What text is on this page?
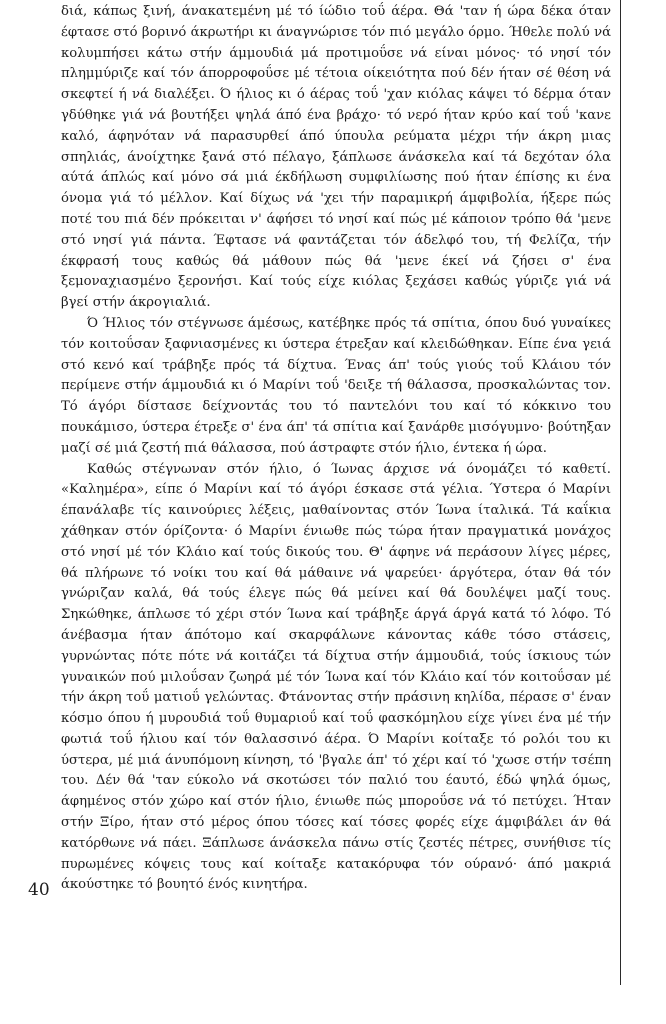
διά, κάπως ξινή, άνακατεμένη μέ τό ίώδιο τοΰ άέρα. Θά 'ταν ή ώρα δέκα όταν έφτασε στό βορινό άκρωτήρι κι άναγνώρισε τόν πιό μεγάλο όρμο. Ήθελε πολύ νά κολυμπήσει κάτω στήν άμμουδιά μά προτιμοΰσε νά είναι μόνος· τό νησί τόν πλημμύριζε καί τόν άπορροφοΰσε μέ τέτοια οίκειότητα πού δέν ήταν σέ θέση νά σκεφτεί ή νά διαλέξει. Ό ήλιος κι ό άέρας τοΰ 'χαν κιόλας κάψει τό δέρμα όταν γδύθηκε γιά νά βουτήξει ψηλά άπό ένα βράχο· τό νερό ήταν κρύο καί τοΰ 'κανε καλό, άφηνόταν νά παρασυρθεί άπό ύπουλα ρεύματα μέχρι τήν άκρη μιας σπηλιάς, άνοίχτηκε ξανά στό πέλαγο, ξάπλωσε άνάσκελα καί τά δεχόταν όλα αύτά άπλώς καί μόνο σά μιά έκδήλωση συμφιλίωσης πού ήταν έπίσης κι ένα όνομα γιά τό μέλλον. Καί δίχως νά 'χει τήν παραμικρή άμφιβολία, ήξερε πώς ποτέ του πιά δέν πρόκειται ν' άφήσει τό νησί καί πώς μέ κάποιον τρόπο θά 'μενε στό νησί γιά πάντα. Έφτασε νά φαντάζεται τόν άδελφό του, τή Φελίζα, τήν έκφρασή τους καθώς θά μάθουν πώς θά 'μενε έκεί νά ζήσει σ' ένα ξεμοναχιασμένο ξερονήσι. Καί τούς είχε κιόλας ξεχάσει καθώς γύριζε γιά νά βγεί στήν άκρογιαλιά.

Ό Ήλιος τόν στέγνωσε άμέσως, κατέβηκε πρός τά σπίτια, όπου δυό γυναίκες τόν κοιτοΰσαν ξαφνιασμένες κι ύστερα έτρεξαν καί κλειδώθηκαν. Είπε ένα γειά στό κενό καί τράβηξε πρός τά δίχτυα. Ένας άπ' τούς γιούς τοΰ Κλάιου τόν περίμενε στήν άμμουδιά κι ό Μαρίνι τοΰ 'δειξε τή θάλασσα, προσκαλώντας τον. Τό άγόρι δίστασε δείχνοντάς του τό παντελόνι του καί τό κόκκινο του πουκάμισο, ύστερα έτρεξε σ' ένα άπ' τά σπίτια καί ξανάρθε μισόγυμνο· βούτηξαν μαζί σέ μιά ζεστή πιά θάλασσα, πού άστραφτε στόν ήλιο, έντεκα ή ώρα.

Καθώς στέγνωναν στόν ήλιο, ό Ίωνας άρχισε νά όνομάζει τό καθετί. «Καλημέρα», είπε ό Μαρίνι καί τό άγόρι έσκασε στά γέλια. Ύστερα ό Μαρίνι έπανάλαβε τίς καινούριες λέξεις, μαθαίνοντας στόν Ίωνα ίταλικά. Τά καΐκια χάθηκαν στόν όρίζοντα· ό Μαρίνι ένιωθε πώς τώρα ήταν πραγματικά μονάχος στό νησί μέ τόν Κλάιο καί τούς δικούς του. Θ' άφηνε νά περάσουν λίγες μέρες, θά πλήρωνε τό νοίκι του καί θά μάθαινε νά ψαρεύει· άργότερα, όταν θά τόν γνώριζαν καλά, θά τούς έλεγε πώς θά μείνει καί θά δουλέψει μαζί τους. Σηκώθηκε, άπλωσε τό χέρι στόν Ίωνα καί τράβηξε άργά άργά κατά τό λόφο. Τό άνέβασμα ήταν άπότομο καί σκαρφάλωνε κάνοντας κάθε τόσο στάσεις, γυρνώντας πότε πότε νά κοιτάζει τά δίχτυα στήν άμμουδιά, τούς ίσκιους τών γυναικών πού μιλοΰσαν ζωηρά μέ τόν Ίωνα καί τόν Κλάιο καί τόν κοιτοΰσαν μέ τήν άκρη τοΰ ματιοΰ γελώντας. Φτάνοντας στήν πράσινη κηλίδα, πέρασε σ' έναν κόσμο όπου ή μυρουδιά τοΰ θυμαριοΰ καί τοΰ φασκόμηλου είχε γίνει ένα μέ τήν φωτιά τοΰ ήλιου καί τόν θαλασσινό άέρα. Ό Μαρίνι κοίταξε τό ρολόι του κι ύστερα, μέ μιά άνυπόμονη κίνηση, τό 'βγαλε άπ' τό χέρι καί τό 'χωσε στήν τσέπη του. Δέν θά 'ταν εύκολο νά σκοτώσει τόν παλιό του έαυτό, έδώ ψηλά όμως, άφημένος στόν χώρο καί στόν ήλιο, ένιωθε πώς μποροΰσε νά τό πετύχει. Ήταν στήν Ξίρο, ήταν στό μέρος όπου τόσες καί τόσες φορές είχε άμφιβάλει άν θά κατόρθωνε νά πάει. Ξάπλωσε άνάσκελα πάνω στίς ζεστές πέτρες, συνήθισε τίς πυρωμένες κόψεις τους καί κοίταξε κατακόρυφα τόν ούρανό· άπό μακριά άκούστηκε τό βουητό ένός κινητήρα.

40
